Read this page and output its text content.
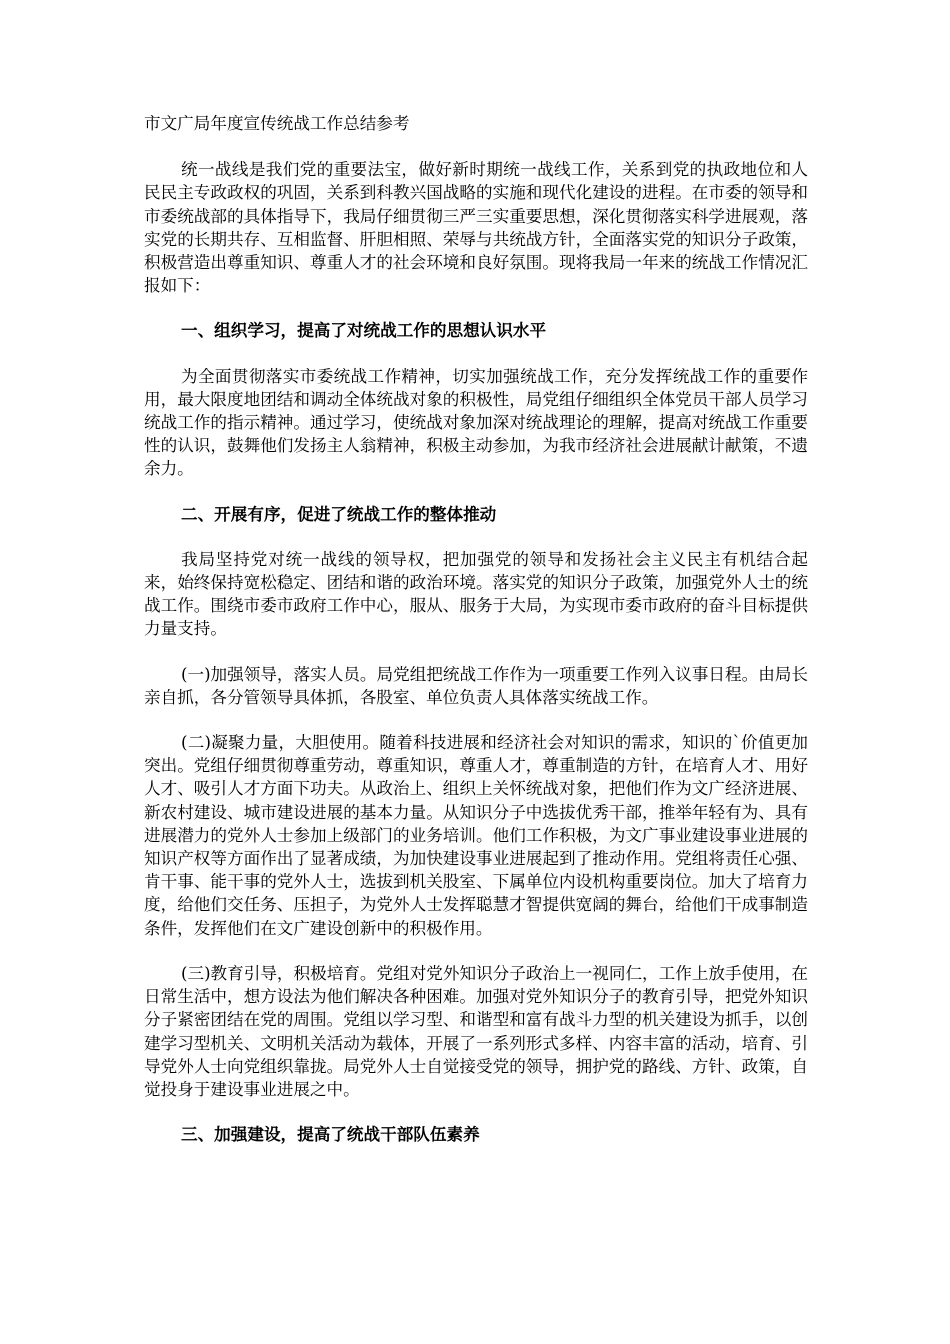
市文广局年度宣传统战工作总结参考

统一战线是我们党的重要法宝，做好新时期统一战线工作，关系到党的执政地位和人民民主专政政权的巩固，关系到科教兴国战略的实施和现代化建设的进程。在市委的领导和市委统战部的具体指导下，我局仔细贯彻三严三实重要思想，深化贯彻落实科学进展观，落实党的长期共存、互相监督、肝胆相照、荣辱与共统战方针，全面落实党的知识分子政策，积极营造出尊重知识、尊重人才的社会环境和良好氛围。现将我局一年来的统战工作情况汇报如下：

一、组织学习，提高了对统战工作的思想认识水平

为全面贯彻落实市委统战工作精神，切实加强统战工作，充分发挥统战工作的重要作用，最大限度地团结和调动全体统战对象的积极性，局党组仔细组织全体党员干部人员学习统战工作的指示精神。通过学习，使统战对象加深对统战理论的理解，提高对统战工作重要性的认识，鼓舞他们发扬主人翁精神，积极主动参加，为我市经济社会进展献计献策，不遗余力。

二、开展有序，促进了统战工作的整体推动

我局坚持党对统一战线的领导权，把加强党的领导和发扬社会主义民主有机结合起来，始终保持宽松稳定、团结和谐的政治环境。落实党的知识分子政策，加强党外人士的统战工作。围绕市委市政府工作中心，服从、服务于大局，为实现市委市政府的奋斗目标提供力量支持。

(一)加强领导，落实人员。局党组把统战工作作为一项重要工作列入议事日程。由局长亲自抓，各分管领导具体抓，各股室、单位负责人具体落实统战工作。

(二)凝聚力量，大胆使用。随着科技进展和经济社会对知识的需求，知识的`价值更加突出。党组仔细贯彻尊重劳动，尊重知识，尊重人才，尊重制造的方针，在培育人才、用好人才、吸引人才方面下功夫。从政治上、组织上关怀统战对象，把他们作为文广经济进展、新农村建设、城市建设进展的基本力量。从知识分子中选拔优秀干部，推举年轻有为、具有进展潜力的党外人士参加上级部门的业务培训。他们工作积极，为文广事业建设事业进展的知识产权等方面作出了显著成绩，为加快建设事业进展起到了推动作用。党组将责任心强、肯干事、能干事的党外人士，选拔到机关股室、下属单位内设机构重要岗位。加大了培育力度，给他们交任务、压担子，为党外人士发挥聪慧才智提供宽阔的舞台，给他们干成事制造条件，发挥他们在文广建设创新中的积极作用。

(三)教育引导，积极培育。党组对党外知识分子政治上一视同仁，工作上放手使用，在日常生活中，想方设法为他们解决各种困难。加强对党外知识分子的教育引导，把党外知识分子紧密团结在党的周围。党组以学习型、和谐型和富有战斗力型的机关建设为抓手，以创建学习型机关、文明机关活动为载体，开展了一系列形式多样、内容丰富的活动，培育、引导党外人士向党组织靠拢。局党外人士自觉接受党的领导，拥护党的路线、方针、政策，自觉投身于建设事业进展之中。

三、加强建设，提高了统战干部队伍素养
